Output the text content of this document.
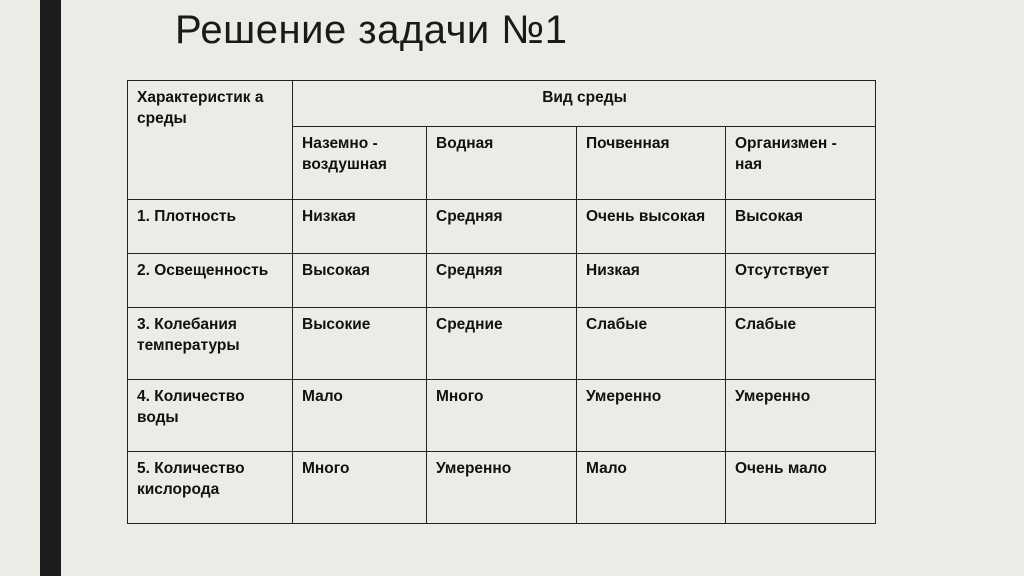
Решение задачи №1
Характеристик а среды	Вид среды			
	Наземно - воздушная	Водная	Почвенная	Организмен - ная
1. Плотность	Низкая	Средняя	Очень высокая	Высокая
2. Освещенность	Высокая	Средняя	Низкая	Отсутствует
3. Колебания температуры	Высокие	Средние	Слабые	Слабые
4. Количество воды	Мало	Много	Умеренно	Умеренно
5. Количество кислорода	Много	Умеренно	Мало	Очень мало
